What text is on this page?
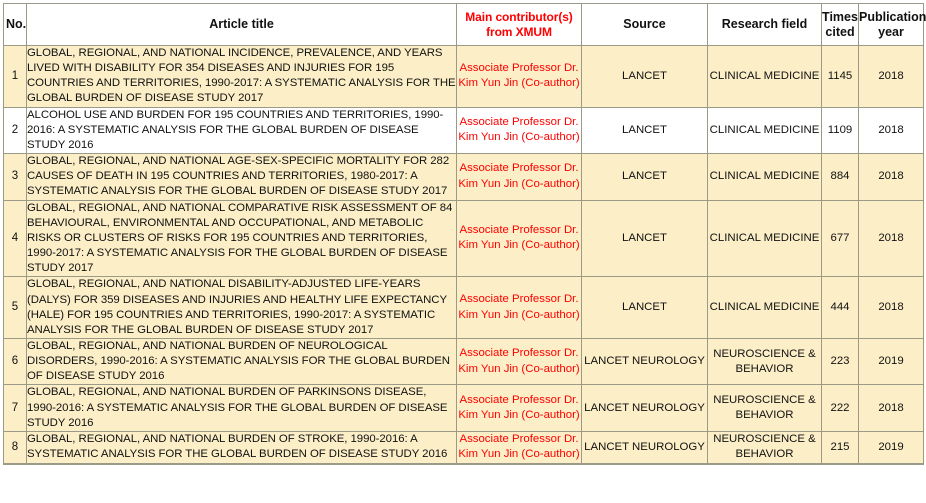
No.	Article title	Main contributor(s) from XMUM	Source	Research field	Times cited	Publication year
1	GLOBAL, REGIONAL, AND NATIONAL INCIDENCE, PREVALENCE, AND YEARS LIVED WITH DISABILITY FOR 354 DISEASES AND INJURIES FOR 195 COUNTRIES AND TERRITORIES, 1990-2017: A SYSTEMATIC ANALYSIS FOR THE GLOBAL BURDEN OF DISEASE STUDY 2017	Associate Professor Dr. Kim Yun Jin (Co-author)	LANCET	CLINICAL MEDICINE	1145	2018
2	ALCOHOL USE AND BURDEN FOR 195 COUNTRIES AND TERRITORIES, 1990-2016: A SYSTEMATIC ANALYSIS FOR THE GLOBAL BURDEN OF DISEASE STUDY 2016	Associate Professor Dr. Kim Yun Jin (Co-author)	LANCET	CLINICAL MEDICINE	1109	2018
3	GLOBAL, REGIONAL, AND NATIONAL AGE-SEX-SPECIFIC MORTALITY FOR 282 CAUSES OF DEATH IN 195 COUNTRIES AND TERRITORIES, 1980-2017: A SYSTEMATIC ANALYSIS FOR THE GLOBAL BURDEN OF DISEASE STUDY 2017	Associate Professor Dr. Kim Yun Jin (Co-author)	LANCET	CLINICAL MEDICINE	884	2018
4	GLOBAL, REGIONAL, AND NATIONAL COMPARATIVE RISK ASSESSMENT OF 84 BEHAVIOURAL, ENVIRONMENTAL AND OCCUPATIONAL, AND METABOLIC RISKS OR CLUSTERS OF RISKS FOR 195 COUNTRIES AND TERRITORIES, 1990-2017: A SYSTEMATIC ANALYSIS FOR THE GLOBAL BURDEN OF DISEASE STUDY 2017	Associate Professor Dr. Kim Yun Jin (Co-author)	LANCET	CLINICAL MEDICINE	677	2018
5	GLOBAL, REGIONAL, AND NATIONAL DISABILITY-ADJUSTED LIFE-YEARS (DALYS) FOR 359 DISEASES AND INJURIES AND HEALTHY LIFE EXPECTANCY (HALE) FOR 195 COUNTRIES AND TERRITORIES, 1990-2017: A SYSTEMATIC ANALYSIS FOR THE GLOBAL BURDEN OF DISEASE STUDY 2017	Associate Professor Dr. Kim Yun Jin (Co-author)	LANCET	CLINICAL MEDICINE	444	2018
6	GLOBAL, REGIONAL, AND NATIONAL BURDEN OF NEUROLOGICAL DISORDERS, 1990-2016: A SYSTEMATIC ANALYSIS FOR THE GLOBAL BURDEN OF DISEASE STUDY 2016	Associate Professor Dr. Kim Yun Jin (Co-author)	LANCET NEUROLOGY	NEUROSCIENCE & BEHAVIOR	223	2019
7	GLOBAL, REGIONAL, AND NATIONAL BURDEN OF PARKINSONS DISEASE, 1990-2016: A SYSTEMATIC ANALYSIS FOR THE GLOBAL BURDEN OF DISEASE STUDY 2016	Associate Professor Dr. Kim Yun Jin (Co-author)	LANCET NEUROLOGY	NEUROSCIENCE & BEHAVIOR	222	2018
8	GLOBAL, REGIONAL, AND NATIONAL BURDEN OF STROKE, 1990-2016: A SYSTEMATIC ANALYSIS FOR THE GLOBAL BURDEN OF DISEASE STUDY 2016	Associate Professor Dr. Kim Yun Jin (Co-author)	LANCET NEUROLOGY	NEUROSCIENCE & BEHAVIOR	215	2019
